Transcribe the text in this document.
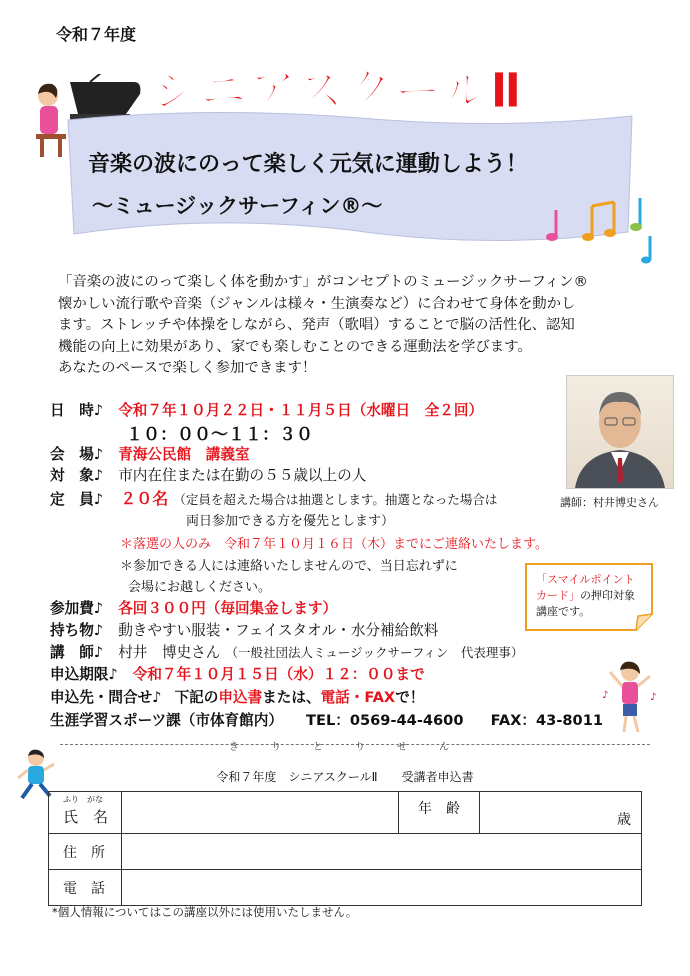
令和７年度
シニアスクールⅡ
音楽の波にのって楽しく元気に運動しよう！
～ミュージックサーフィン®～
「音楽の波にのって楽しく体を動かす」がコンセプトのミュージックサーフィン®
懐かしい流行歌や音楽（ジャンルは様々・生演奏など）に合わせて身体を動かし
ます。ストレッチや体操をしながら、発声（歌唱）することで脳の活性化、認知
機能の向上に効果があり、家でも楽しむことのできる運動法を学びます。
あなたのペースで楽しく参加できます！
講師：村井博史さん
日　時♪ 令和７年１０月２２日・１１月５日（水曜日　全２回）
１０：００～１１：３０
会　場♪ 青海公民館　講義室
対　象♪ 市内在住または在勤の５５歳以上の人
定　員♪ ２０名 （定員を超えた場合は抽選とします。抽選となった場合は
両日参加できる方を優先とします）
＊落選の人のみ　令和７年１０月１６日（木）までにご連絡いたします。
＊参加できる人には連絡いたしませんので、当日忘れずに
会場にお越しください。
「スマイルポイント
カード」の押印対象
講座です。
参加費♪ 各回３００円（毎回集金します）
持ち物♪ 動きやすい服装・フェイスタオル・水分補給飲料
講　師♪ 村井　博史さん （一般社団法人ミュージックサーフィン　代表理事）
申込期限♪ 令和７年１０月１５日（水）１２：００まで
申込先・問合せ♪ 下記の申込書または、電話・FAXで！
生涯学習スポーツ課（市体育館内） TEL：0569-44-4600 FAX：43-8011
♪	♪
きりとりせん
令和７年度　シニアスクールⅡ　　受講者申込書
ふり　がな
氏　名		年　齢	歳
住　所			
電　話			
*個人情報についてはこの講座以外には使用いたしません。
